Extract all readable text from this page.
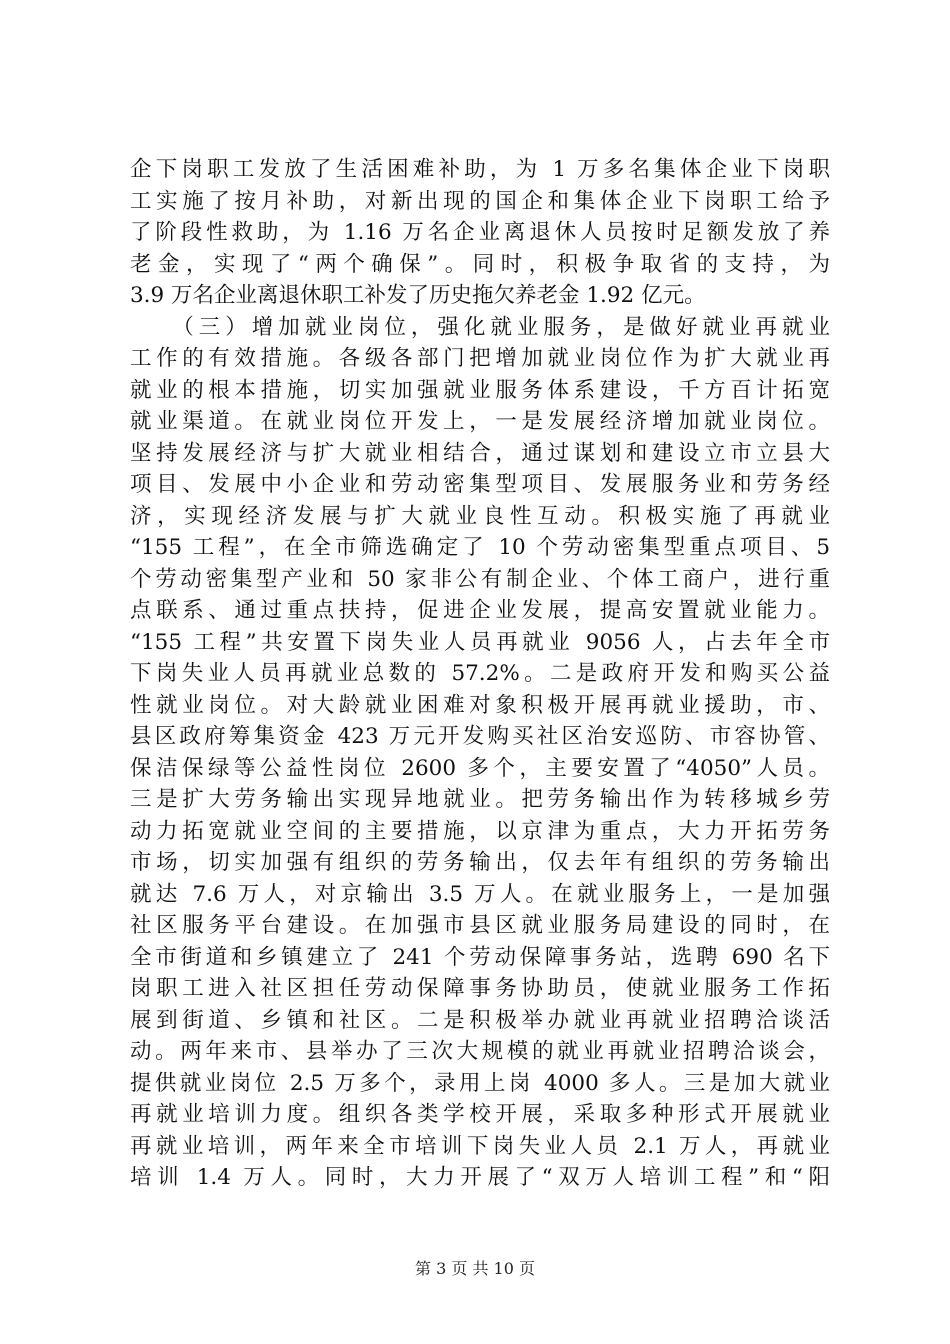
企下岗职工发放了生活困难补助，为 1 万多名集体企业下岗职
工实施了按月补助，对新出现的国企和集体企业下岗职工给予
了阶段性救助，为 1.16 万名企业离退休人员按时足额发放了养
老金，实现了“两个确保”。同时，积极争取省的支持，为
3.9 万名企业离退休职工补发了历史拖欠养老金 1.92 亿元。
　　（三）增加就业岗位，强化就业服务，是做好就业再就业
工作的有效措施。各级各部门把增加就业岗位作为扩大就业再
就业的根本措施，切实加强就业服务体系建设，千方百计拓宽
就业渠道。在就业岗位开发上，一是发展经济增加就业岗位。
坚持发展经济与扩大就业相结合，通过谋划和建设立市立县大
项目、发展中小企业和劳动密集型项目、发展服务业和劳务经
济，实现经济发展与扩大就业良性互动。积极实施了再就业
“155 工程”，在全市筛选确定了 10 个劳动密集型重点项目、5
个劳动密集型产业和 50 家非公有制企业、个体工商户，进行重
点联系、通过重点扶持，促进企业发展，提高安置就业能力。
“155 工程”共安置下岗失业人员再就业 9056 人，占去年全市
下岗失业人员再就业总数的 57.2%。二是政府开发和购买公益
性就业岗位。对大龄就业困难对象积极开展再就业援助，市、
县区政府筹集资金 423 万元开发购买社区治安巡防、市容协管、
保洁保绿等公益性岗位 2600 多个，主要安置了“4050”人员。
三是扩大劳务输出实现异地就业。把劳务输出作为转移城乡劳
动力拓宽就业空间的主要措施，以京津为重点，大力开拓劳务
市场，切实加强有组织的劳务输出，仅去年有组织的劳务输出
就达 7.6 万人，对京输出 3.5 万人。在就业服务上，一是加强
社区服务平台建设。在加强市县区就业服务局建设的同时，在
全市街道和乡镇建立了 241 个劳动保障事务站，选聘 690 名下
岗职工进入社区担任劳动保障事务协助员，使就业服务工作拓
展到街道、乡镇和社区。二是积极举办就业再就业招聘洽谈活
动。两年来市、县举办了三次大规模的就业再就业招聘洽谈会，
提供就业岗位 2.5 万多个，录用上岗 4000 多人。三是加大就业
再就业培训力度。组织各类学校开展，采取多种形式开展就业
再就业培训，两年来全市培训下岗失业人员 2.1 万人，再就业
培训 1.4 万人。同时，大力开展了“双万人培训工程”和“阳
第 3 页 共 10 页
